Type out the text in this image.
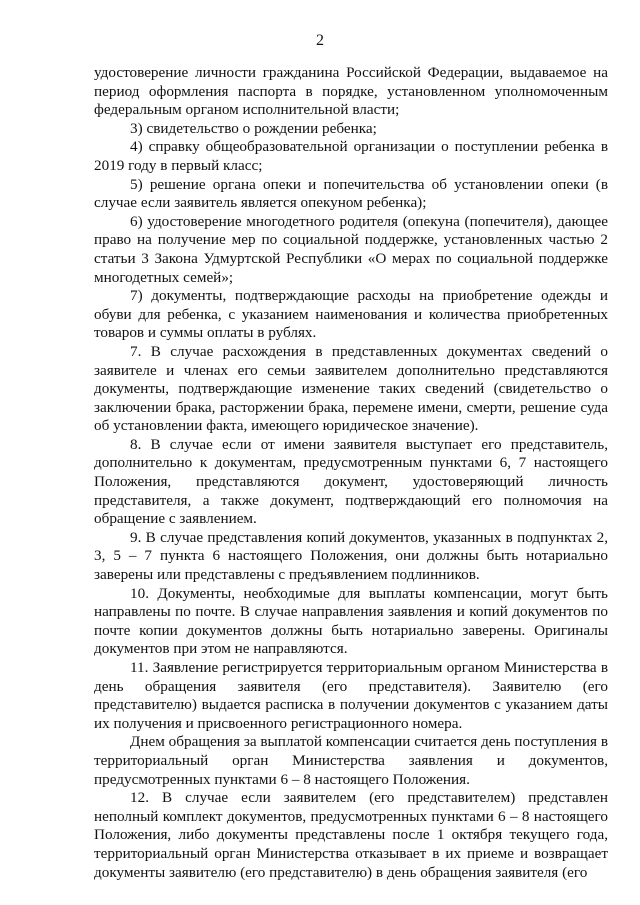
2

удостоверение личности гражданина Российской Федерации, выдаваемое на период оформления паспорта в порядке, установленном уполномоченным федеральным органом исполнительной власти;

3) свидетельство о рождении ребенка;

4) справку общеобразовательной организации о поступлении ребенка в 2019 году в первый класс;

5) решение органа опеки и попечительства об установлении опеки (в случае если заявитель является опекуном ребенка);

6) удостоверение многодетного родителя (опекуна (попечителя), дающее право на получение мер по социальной поддержке, установленных частью 2 статьи 3 Закона Удмуртской Республики «О мерах по социальной поддержке многодетных семей»;

7) документы, подтверждающие расходы на приобретение одежды и обуви для ребенка, с указанием наименования и количества приобретенных товаров и суммы оплаты в рублях.

7. В случае расхождения в представленных документах сведений о заявителе и членах его семьи заявителем дополнительно представляются документы, подтверждающие изменение таких сведений (свидетельство о заключении брака, расторжении брака, перемене имени, смерти, решение суда об установлении факта, имеющего юридическое значение).

8. В случае если от имени заявителя выступает его представитель, дополнительно к документам, предусмотренным пунктами 6, 7 настоящего Положения, представляются документ, удостоверяющий личность представителя, а также документ, подтверждающий его полномочия на обращение с заявлением.

9. В случае представления копий документов, указанных в подпунктах 2, 3, 5 – 7 пункта 6 настоящего Положения, они должны быть нотариально заверены или представлены с предъявлением подлинников.

10. Документы, необходимые для выплаты компенсации, могут быть направлены по почте. В случае направления заявления и копий документов по почте копии документов должны быть нотариально заверены. Оригиналы документов при этом не направляются.

11. Заявление регистрируется территориальным органом Министерства в день обращения заявителя (его представителя). Заявителю (его представителю) выдается расписка в получении документов с указанием даты их получения и присвоенного регистрационного номера.

Днем обращения за выплатой компенсации считается день поступления в территориальный орган Министерства заявления и документов, предусмотренных пунктами 6 – 8 настоящего Положения.

12. В случае если заявителем (его представителем) представлен неполный комплект документов, предусмотренных пунктами 6 – 8 настоящего Положения, либо документы представлены после 1 октября текущего года, территориальный орган Министерства отказывает в их приеме и возвращает документы заявителю (его представителю) в день обращения заявителя (его
